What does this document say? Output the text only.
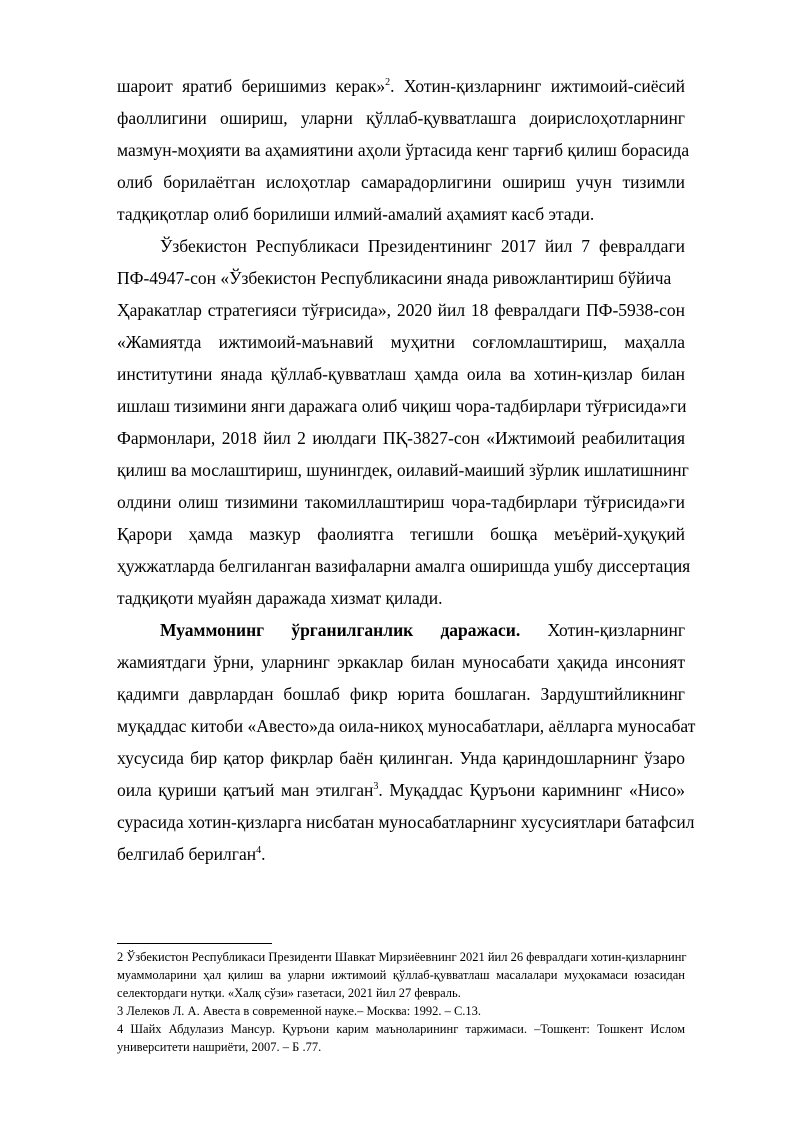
шароит яратиб беришимиз керак»$^2$. Хотин-қизларнинг ижтимоий-сиёсий
фаоллигини ошириш, уларни қўллаб-қувватлашга доирислоҳотларнинг
мазмун-моҳияти ва аҳамиятини аҳоли ўртасида кенг тарғиб қилиш борасида
олиб борилаётган ислоҳотлар самарадорлигини ошириш учун тизимли
тадқиқотлар олиб борилиши илмий-амалий аҳамият касб этади.
Ўзбекистон Республикаси Президентининг 2017 йил 7 февралдаги
ПФ-4947-сон «Ўзбекистон Республикасини янада ривожлантириш бўйича
Ҳаракатлар стратегияси тўғрисида», 2020 йил 18 февралдаги ПФ-5938-сон
«Жамиятда ижтимоий-маънавий муҳитни соғломлаштириш, маҳалла
институтини янада қўллаб-қувватлаш ҳамда оила ва хотин-қизлар билан
ишлаш тизимини янги даражага олиб чиқиш чора-тадбирлари тўғрисида»ги
Фармонлари, 2018 йил 2 июлдаги ПҚ-3827-сон «Ижтимоий реабилитация
қилиш ва мослаштириш, шунингдек, оилавий-маиший зўрлик ишлатишнинг
олдини олиш тизимини такомиллаштириш чора-тадбирлари тўғрисида»ги
Қарори ҳамда мазкур фаолиятга тегишли бошқа меъёрий-ҳуқуқий
ҳужжатларда белгиланган вазифаларни амалга оширишда ушбу диссертация
тадқиқоти муайян даражада хизмат қилади.
Муаммонинг ўрганилганлик даражаси. Хотин-қизларнинг
жамиятдаги ўрни, уларнинг эркаклар билан муносабати ҳақида инсоният
қадимги даврлардан бошлаб фикр юрита бошлаган. Зардуштийликнинг
муқаддас китоби «Авесто»да оила-никоҳ муносабатлари, аёлларга муносабат
хусусида бир қатор фикрлар баён қилинган. Унда қариндошларнинг ўзаро
оила қуриши қатъий ман этилган$^3$. Муқаддас Қуръони каримнинг «Нисо»
сурасида хотин-қизларга нисбатан муносабатларнинг хусусиятлари батафсил
белгилаб берилган$^4$.
2 Ўзбекистон Республикаси Президенти Шавкат Мирзиёевнинг 2021 йил 26 февралдаги хотин-қизларнинг
муаммоларини ҳал қилиш ва уларни ижтимоий қўллаб-қувватлаш масалалари муҳокамаси юзасидан
селектордаги нутқи. «Халқ сўзи» газетаси, 2021 йил 27 февраль.
3 Лелеков Л. А. Авеста в современной науке.– Москва: 1992. – С.13.
4 Шайх Абдулазиз Мансур. Қуръони карим маъноларининг таржимаси. –Тошкент: Тошкент Ислом
университети нашриёти, 2007. – Б .77.
